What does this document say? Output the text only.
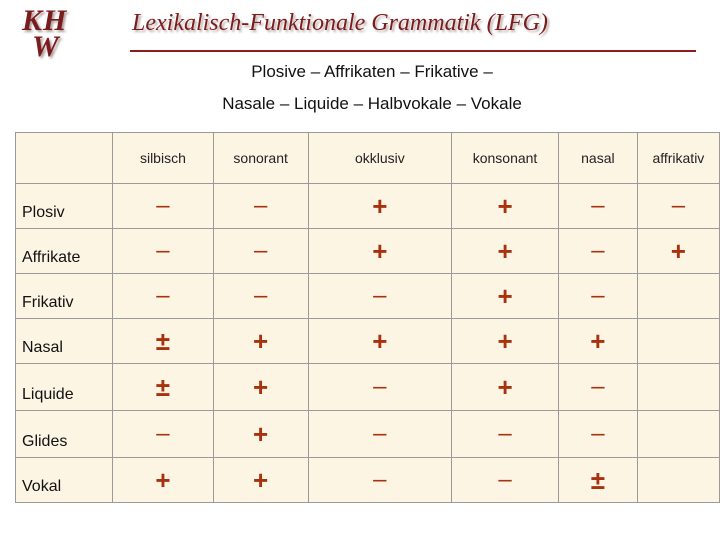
KH
W
Lexikalisch-Funktionale Grammatik (LFG)
Plosive – Affrikaten – Frikative –
Nasale – Liquide – Halbvokale – Vokale
	silbisch	sonorant	okklusiv	konsonant	nasal	affrikativ
Plosiv	–	–	+	+	–	–
Affrikate	–	–	+	+	–	+
Frikativ	–	–	–	+	–	
Nasal	±	+	+	+	+	
Liquide	±	+	–	+	–	
Glides	–	+	–	–	–	
Vokal	+	+	–	–	±	
